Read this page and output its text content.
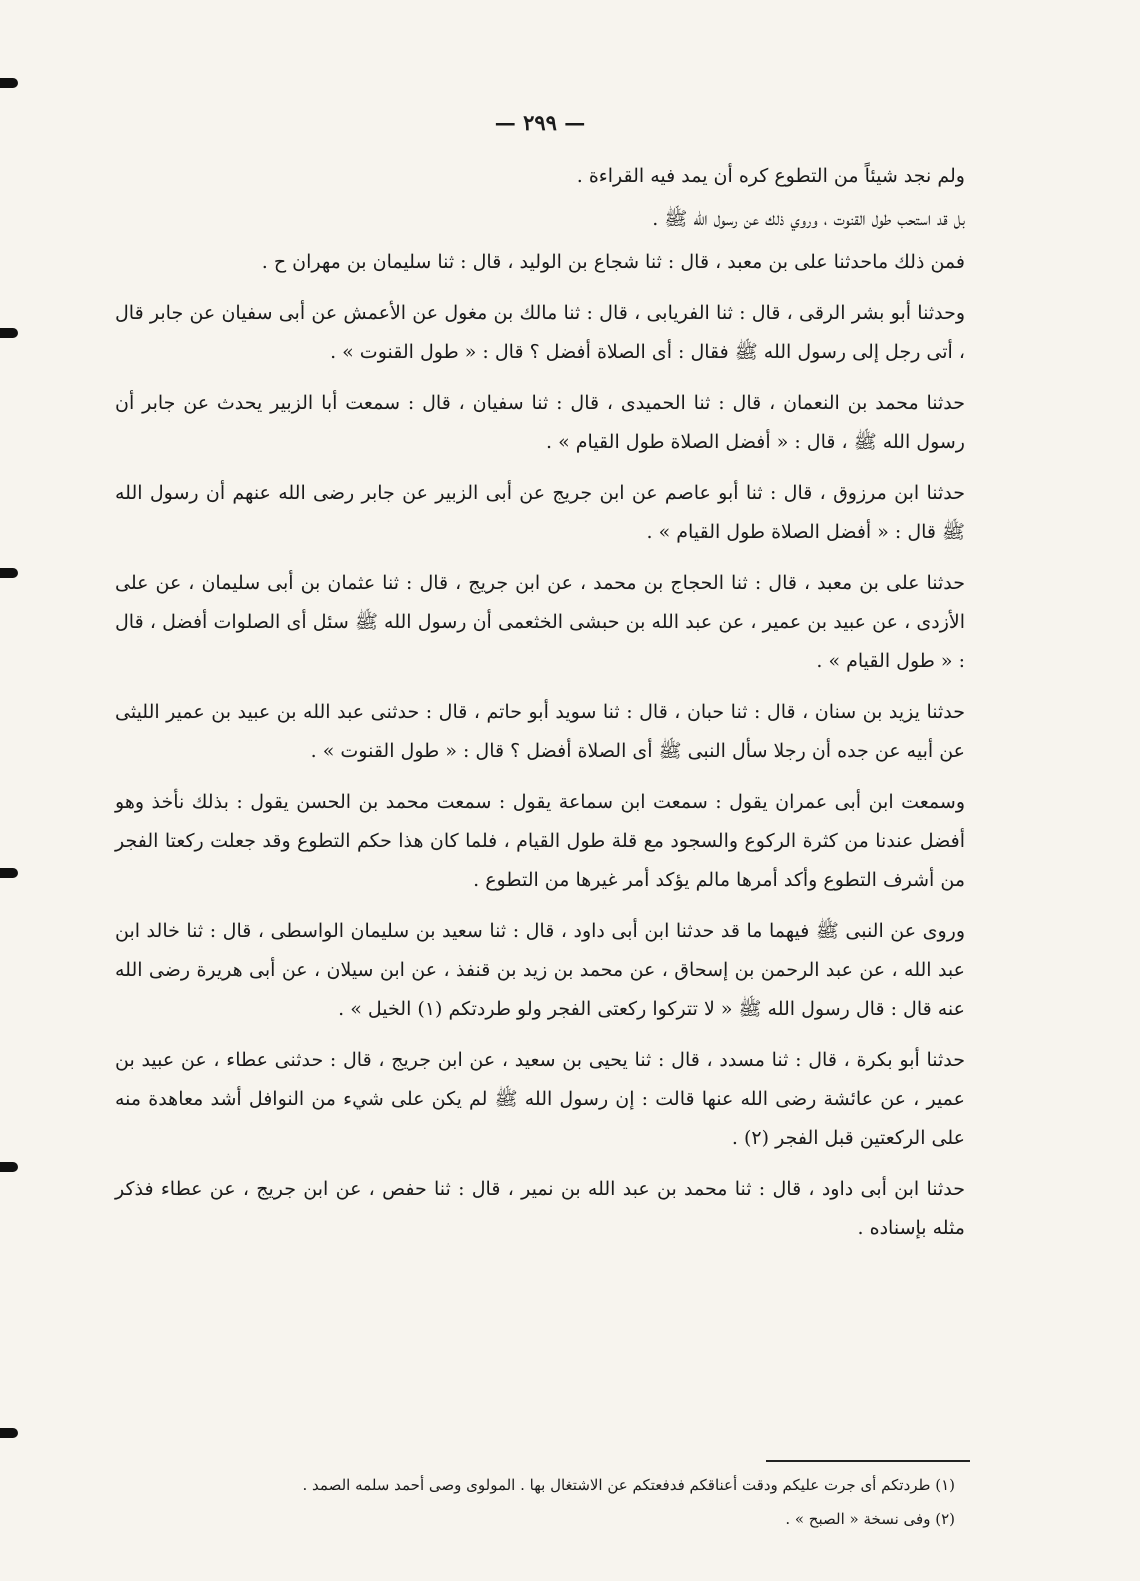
— ٢٩٩ —

ولم نجد شيئاً من التطوع كره أن يمد فيه القراءة .

بل قد استحب طول القنوت ، وروي ذلك عن رسول الله ﷺ .

فمن ذلك ماحدثنا على بن معبد ، قال : ثنا شجاع بن الوليد ، قال : ثنا سليمان بن مهران ح .

وحدثنا أبو بشر الرقى ، قال : ثنا الفريابى ، قال : ثنا مالك بن مغول عن الأعمش عن أبى سفيان عن جابر قال ، أتى رجل إلى رسول الله ﷺ فقال : أى الصلاة أفضل ؟ قال : « طول القنوت » .

حدثنا محمد بن النعمان ، قال : ثنا الحميدى ، قال : ثنا سفيان ، قال : سمعت أبا الزبير يحدث عن جابر أن رسول الله ﷺ ، قال : « أفضل الصلاة طول القيام » .

حدثنا ابن مرزوق ، قال : ثنا أبو عاصم عن ابن جريج عن أبى الزبير عن جابر رضى الله عنهم أن رسول الله ﷺ قال : « أفضل الصلاة طول القيام » .

حدثنا على بن معبد ، قال : ثنا الحجاج بن محمد ، عن ابن جريج ، قال : ثنا عثمان بن أبى سليمان ، عن على الأزدى ، عن عبيد بن عمير ، عن عبد الله بن حبشى الخثعمى أن رسول الله ﷺ سئل أى الصلوات أفضل ، قال : « طول القيام » .

حدثنا يزيد بن سنان ، قال : ثنا حبان ، قال : ثنا سويد أبو حاتم ، قال : حدثنى عبد الله بن عبيد بن عمير الليثى عن أبيه عن جده أن رجلا سأل النبى ﷺ أى الصلاة أفضل ؟ قال : « طول القنوت » .

وسمعت ابن أبى عمران يقول : سمعت ابن سماعة يقول : سمعت محمد بن الحسن يقول : بذلك نأخذ وهو أفضل عندنا من كثرة الركوع والسجود مع قلة طول القيام ، فلما كان هذا حكم التطوع وقد جعلت ركعتا الفجر من أشرف التطوع وأكد أمرها مالم يؤكد أمر غيرها من التطوع .

وروى عن النبى ﷺ فيهما ما قد حدثنا ابن أبى داود ، قال : ثنا سعيد بن سليمان الواسطى ، قال : ثنا خالد ابن عبد الله ، عن عبد الرحمن بن إسحاق ، عن محمد بن زيد بن قنفذ ، عن ابن سيلان ، عن أبى هريرة رضى الله عنه قال : قال رسول الله ﷺ « لا تتركوا ركعتى الفجر ولو طردتكم (١) الخيل » .

حدثنا أبو بكرة ، قال : ثنا مسدد ، قال : ثنا يحيى بن سعيد ، عن ابن جريج ، قال : حدثنى عطاء ، عن عبيد بن عمير ، عن عائشة رضى الله عنها قالت : إن رسول الله ﷺ لم يكن على شيء من النوافل أشد معاهدة منه على الركعتين قبل الفجر (٢) .

حدثنا ابن أبى داود ، قال : ثنا محمد بن عبد الله بن نمير ، قال : ثنا حفص ، عن ابن جريج ، عن عطاء فذكر مثله بإسناده .

(١) طردتكم أى جرت عليكم ودقت أعناقكم فدفعتكم عن الاشتغال بها . المولوى وصى أحمد سلمه الصمد .

(٢) وفى نسخة « الصبح » .
